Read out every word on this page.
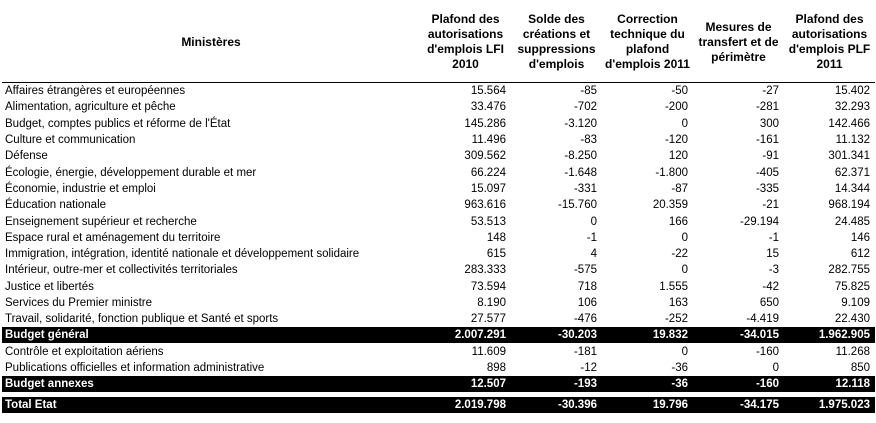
Ministères	Plafond des autorisations d'emplois LFI 2010	Solde des créations et suppressions d'emplois	Correction technique du plafond d'emplois 2011	Mesures de transfert et de périmètre	Plafond des autorisations d'emplois PLF 2011
Affaires étrangères et européennes	15.564	-85	-50	-27	15.402
Alimentation, agriculture et pêche	33.476	-702	-200	-281	32.293
Budget, comptes publics et réforme de l'État	145.286	-3.120	0	300	142.466
Culture et communication	11.496	-83	-120	-161	11.132
Défense	309.562	-8.250	120	-91	301.341
Écologie, énergie, développement durable et mer	66.224	-1.648	-1.800	-405	62.371
Économie, industrie et emploi	15.097	-331	-87	-335	14.344
Éducation nationale	963.616	-15.760	20.359	-21	968.194
Enseignement supérieur et recherche	53.513	0	166	-29.194	24.485
Espace rural et aménagement du territoire	148	-1	0	-1	146
Immigration, intégration, identité nationale et développement solidaire	615	4	-22	15	612
Intérieur, outre-mer et collectivités territoriales	283.333	-575	0	-3	282.755
Justice et libertés	73.594	718	1.555	-42	75.825
Services du Premier ministre	8.190	106	163	650	9.109
Travail, solidarité, fonction publique et Santé et sports	27.577	-476	-252	-4.419	22.430
Budget général	2.007.291	-30.203	19.832	-34.015	1.962.905
Contrôle et exploitation aériens	11.609	-181	0	-160	11.268
Publications officielles et information administrative	898	-12	-36	0	850
Budget annexes	12.507	-193	-36	-160	12.118

Total Etat	2.019.798	-30.396	19.796	-34.175	1.975.023
